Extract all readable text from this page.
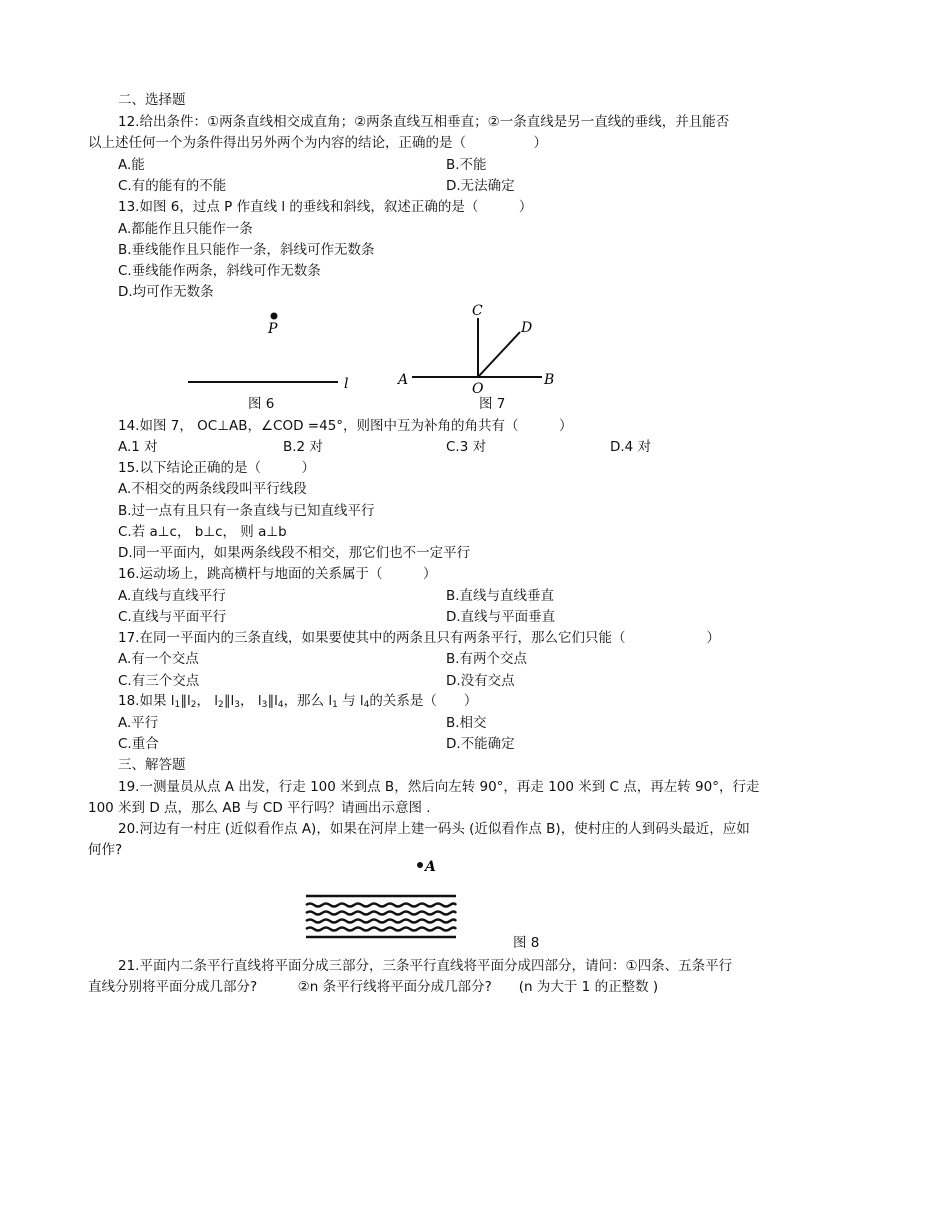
二、选择题
12.给出条件：①两条直线相交成直角；②两条直线互相垂直；②一条直线是另一直线的垂线，并且能否
以上述任何一个为条件得出另外两个为内容的结论，正确的是（　　　　　）
A.能	B.不能
C.有的能有的不能	D.无法确定
13.如图 6，过点 P 作直线 l 的垂线和斜线，叙述正确的是（　　　）
A.都能作且只能作一条
B.垂线能作且只能作一条，斜线可作无数条
C.垂线能作两条，斜线可作无数条
D.均可作无数条
P
l
图 6
A	B
C
D
O
图 7
14.如图 7， OC⊥AB，∠COD =45°，则图中互为补角的角共有（　　　）
A.1 对	B.2 对	C.3 对	D.4 对
15.以下结论正确的是（　　　）
A.不相交的两条线段叫平行线段
B.过一点有且只有一条直线与已知直线平行
C.若 a⊥c， b⊥c， 则 a⊥b
D.同一平面内，如果两条线段不相交，那它们也不一定平行
16.运动场上，跳高横杆与地面的关系属于（　　　）
A.直线与直线平行	B.直线与直线垂直
C.直线与平面平行	D.直线与平面垂直
17.在同一平面内的三条直线，如果要使其中的两条且只有两条平行，那么它们只能（　　　　　　）
A.有一个交点	B.有两个交点
C.有三个交点	D.没有交点
18.如果 $l_1\parallel l_2$， $l_2\parallel l_3$， $l_3\parallel l_4$，那么 $l_1$ 与 $l_4$的关系是（　　）
A.平行	B.相交
C.重合	D.不能确定
三、解答题
19.一测量员从点 A 出发，行走 100 米到点 B，然后向左转 90°，再走 100 米到 C 点，再左转 90°，行走
100 米到 D 点，那么 AB 与 CD 平行吗？请画出示意图 .
20.河边有一村庄 (近似看作点 A)，如果在河岸上建一码头 (近似看作点 B)，使村庄的人到码头最近，应如
何作?
A
图 8
21.平面内二条平行直线将平面分成三部分，三条平行直线将平面分成四部分，请问：①四条、五条平行
直线分别将平面分成几部分?　　　②n 条平行线将平面分成几部分?　　(n 为大于 1 的正整数 )
